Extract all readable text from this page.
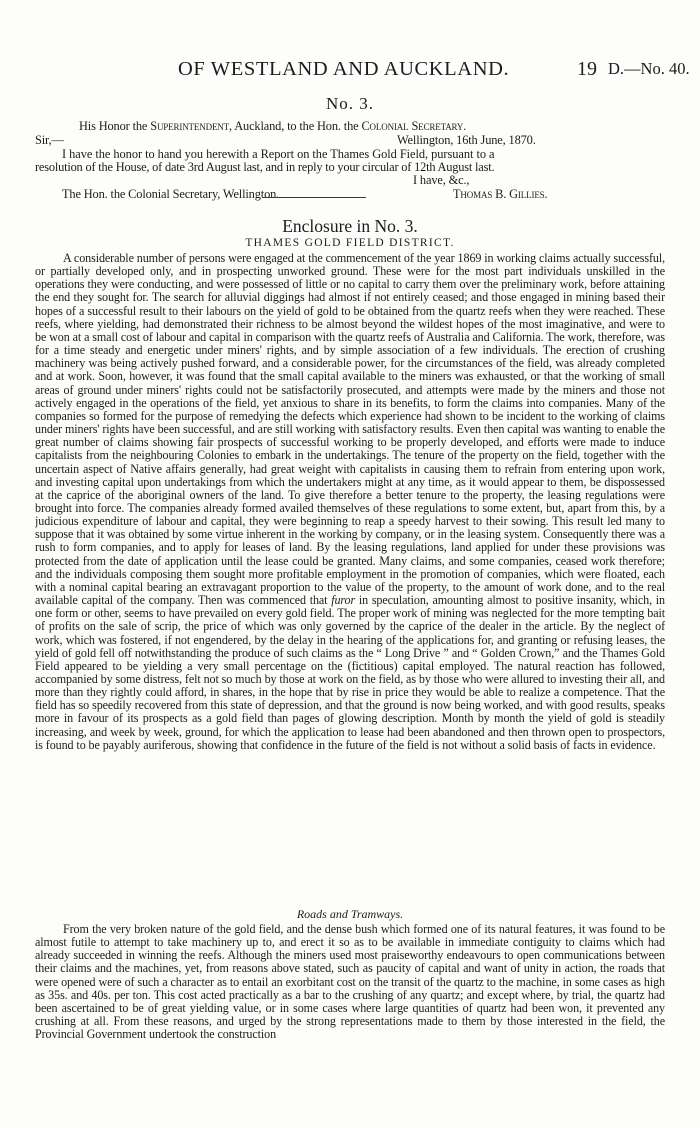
OF WESTLAND AND AUCKLAND.	19 D.—No. 40.
No. 3.
His Honor the Superintendent, Auckland, to the Hon. the Colonial Secretary.
Sir,—	Wellington, 16th June, 1870.
I have the honor to hand you herewith a Report on the Thames Gold Field, pursuant to a
resolution of the House, of date 3rd August last, and in reply to your circular of 12th August last.
I have, &c.,
The Hon. the Colonial Secretary, Wellington.	Thomas B. Gillies.
Enclosure in No. 3.
THAMES GOLD FIELD DISTRICT.

A considerable number of persons were engaged at the commencement of the year 1869 in working claims actually successful, or partially developed only, and in prospecting unworked ground. These were for the most part individuals unskilled in the operations they were conducting, and were possessed of little or no capital to carry them over the preliminary work, before attaining the end they sought for. The search for alluvial diggings had almost if not entirely ceased; and those engaged in mining based their hopes of a successful result to their labours on the yield of gold to be obtained from the quartz reefs when they were reached. These reefs, where yielding, had demonstrated their richness to be almost beyond the wildest hopes of the most imaginative, and were to be won at a small cost of labour and capital in comparison with the quartz reefs of Australia and California. The work, therefore, was for a time steady and energetic under miners' rights, and by simple association of a few individuals. The erection of crushing machinery was being actively pushed forward, and a considerable power, for the circumstances of the field, was already completed and at work. Soon, however, it was found that the small capital available to the miners was exhausted, or that the working of small areas of ground under miners' rights could not be satisfactorily prosecuted, and attempts were made by the miners and those not actively engaged in the operations of the field, yet anxious to share in its benefits, to form the claims into companies. Many of the companies so formed for the purpose of remedying the defects which experience had shown to be incident to the working of claims under miners' rights have been successful, and are still working with satisfactory results. Even then capital was wanting to enable the great number of claims showing fair prospects of successful working to be properly developed, and efforts were made to induce capitalists from the neighbouring Colonies to embark in the undertakings. The tenure of the property on the field, together with the uncertain aspect of Native affairs generally, had great weight with capitalists in causing them to refrain from entering upon work, and investing capital upon undertakings from which the undertakers might at any time, as it would appear to them, be dispossessed at the caprice of the aboriginal owners of the land. To give therefore a better tenure to the property, the leasing regulations were brought into force. The companies already formed availed themselves of these regulations to some extent, but, apart from this, by a judicious expenditure of labour and capital, they were beginning to reap a speedy harvest to their sowing. This result led many to suppose that it was obtained by some virtue inherent in the working by company, or in the leasing system. Consequently there was a rush to form companies, and to apply for leases of land. By the leasing regulations, land applied for under these provisions was protected from the date of application until the lease could be granted. Many claims, and some companies, ceased work therefore; and the individuals composing them sought more profitable employment in the promotion of companies, which were floated, each with a nominal capital bearing an extravagant proportion to the value of the property, to the amount of work done, and to the real available capital of the company. Then was commenced that furor in speculation, amounting almost to positive insanity, which, in one form or other, seems to have prevailed on every gold field. The proper work of mining was neglected for the more tempting bait of profits on the sale of scrip, the price of which was only governed by the caprice of the dealer in the article. By the neglect of work, which was fostered, if not engendered, by the delay in the hearing of the applications for, and granting or refusing leases, the yield of gold fell off notwithstanding the produce of such claims as the “ Long Drive ” and “ Golden Crown,” and the Thames Gold Field appeared to be yielding a very small percentage on the (fictitious) capital employed. The natural reaction has followed, accompanied by some distress, felt not so much by those at work on the field, as by those who were allured to investing their all, and more than they rightly could afford, in shares, in the hope that by rise in price they would be able to realize a competence. That the field has so speedily recovered from this state of depression, and that the ground is now being worked, and with good results, speaks more in favour of its prospects as a gold field than pages of glowing description. Month by month the yield of gold is steadily increasing, and week by week, ground, for which the application to lease had been abandoned and then thrown open to prospectors, is found to be payably auriferous, showing that confidence in the future of the field is not without a solid basis of facts in evidence.

Roads and Tramways.

From the very broken nature of the gold field, and the dense bush which formed one of its natural features, it was found to be almost futile to attempt to take machinery up to, and erect it so as to be available in immediate contiguity to claims which had already succeeded in winning the reefs. Although the miners used most praiseworthy endeavours to open communications between their claims and the machines, yet, from reasons above stated, such as paucity of capital and want of unity in action, the roads that were opened were of such a character as to entail an exorbitant cost on the transit of the quartz to the machine, in some cases as high as 35s. and 40s. per ton. This cost acted practically as a bar to the crushing of any quartz; and except where, by trial, the quartz had been ascertained to be of great yielding value, or in some cases where large quantities of quartz had been won, it prevented any crushing at all. From these reasons, and urged by the strong representations made to them by those interested in the field, the Provincial Government undertook the construction
